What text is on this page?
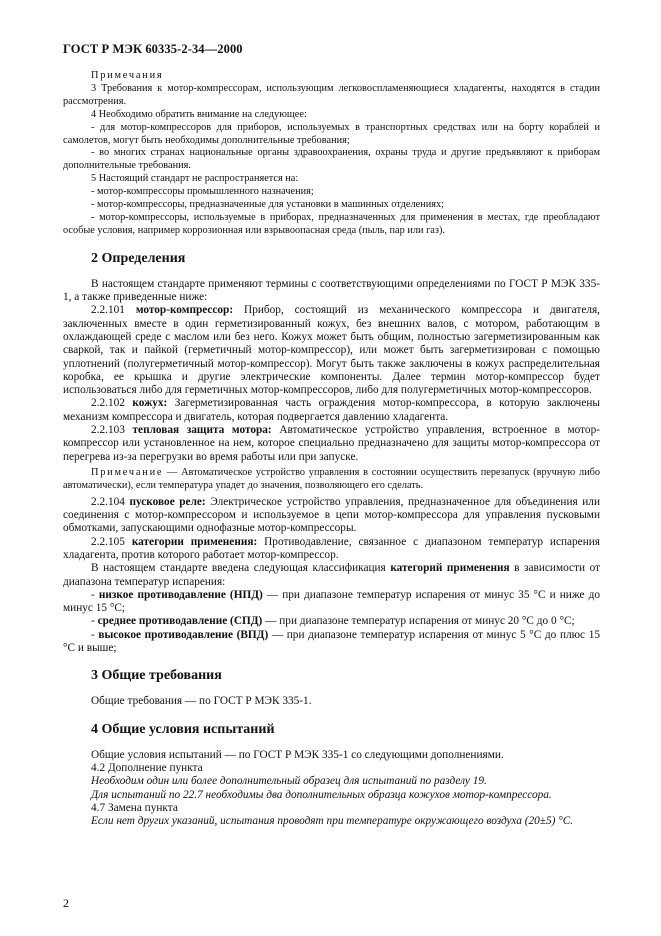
ГОСТ Р МЭК 60335-2-34—2000

Примечания

3 Требования к мотор-компрессорам, использующим легковоспламеняющиеся хладагенты, находятся в стадии рассмотрения.

4 Необходимо обратить внимание на следующее:

- для мотор-компрессоров для приборов, используемых в транспортных средствах или на борту кораблей и самолетов, могут быть необходимы дополнительные требования;

- во многих странах национальные органы здравоохранения, охраны труда и другие предъявляют к приборам дополнительные требования.

5 Настоящий стандарт не распространяется на:

- мотор-компрессоры промышленного назначения;

- мотор-компрессоры, предназначенные для установки в машинных отделениях;

- мотор-компрессоры, используемые в приборах, предназначенных для применения в местах, где преобладают особые условия, например коррозионная или взрывоопасная среда (пыль, пар или газ).

2 Определения

В настоящем стандарте применяют термины с соответствующими определениями по ГОСТ Р МЭК 335-1, а также приведенные ниже:

2.2.101 мотор-компрессор: Прибор, состоящий из механического компрессора и двигателя, заключенных вместе в один герметизированный кожух, без внешних валов, с мотором, работающим в охлаждающей среде с маслом или без него. Кожух может быть общим, полностью загерметизированным как сваркой, так и пайкой (герметичный мотор-компрессор), или может быть загерметизирован с помощью уплотнений (полугерметичный мотор-компрессор). Могут быть также заключены в кожух распределительная коробка, ее крышка и другие электрические компоненты. Далее термин мотор-компрессор будет использоваться либо для герметичных мотор-компрессоров, либо для полугерметичных мотор-компрессоров.

2.2.102 кожух: Загерметизированная часть ограждения мотор-компрессора, в которую заключены механизм компрессора и двигатель, которая подвергается давлению хладагента.

2.2.103 тепловая защита мотора: Автоматическое устройство управления, встроенное в мотор-компрессор или установленное на нем, которое специально предназначено для защиты мотор-компрессора от перегрева из-за перегрузки во время работы или при запуске.

Примечание — Автоматическое устройство управления в состоянии осуществить перезапуск (вручную либо автоматически), если температура упадет до значения, позволяющего его сделать.

2.2.104 пусковое реле: Электрическое устройство управления, предназначенное для объединения или соединения с мотор-компрессором и используемое в цепи мотор-компрессора для управления пусковыми обмотками, запускающими однофазные мотор-компрессоры.

2.2.105 категории применения: Противодавление, связанное с диапазоном температур испарения хладагента, против которого работает мотор-компрессор.

В настоящем стандарте введена следующая классификация категорий применения в зависимости от диапазона температур испарения:

- низкое противодавление (НПД) — при диапазоне температур испарения от минус 35 °С и ниже до минус 15 °С;

- среднее противодавление (СПД) — при диапазоне температур испарения от минус 20 °С до 0 °С;

- высокое противодавление (ВПД) — при диапазоне температур испарения от минус 5 °С до плюс 15 °С и выше;

3 Общие требования

Общие требования — по ГОСТ Р МЭК 335-1.

4 Общие условия испытаний

Общие условия испытаний — по ГОСТ Р МЭК 335-1 со следующими дополнениями.

4.2 Дополнение пункта

Необходим один или более дополнительный образец для испытаний по разделу 19.

Для испытаний по 22.7 необходимы два дополнительных образца кожухов мотор-компрессора.

4.7 Замена пункта

Если нет других указаний, испытания проводят при температуре окружающего воздуха (20±5) °С.

2
